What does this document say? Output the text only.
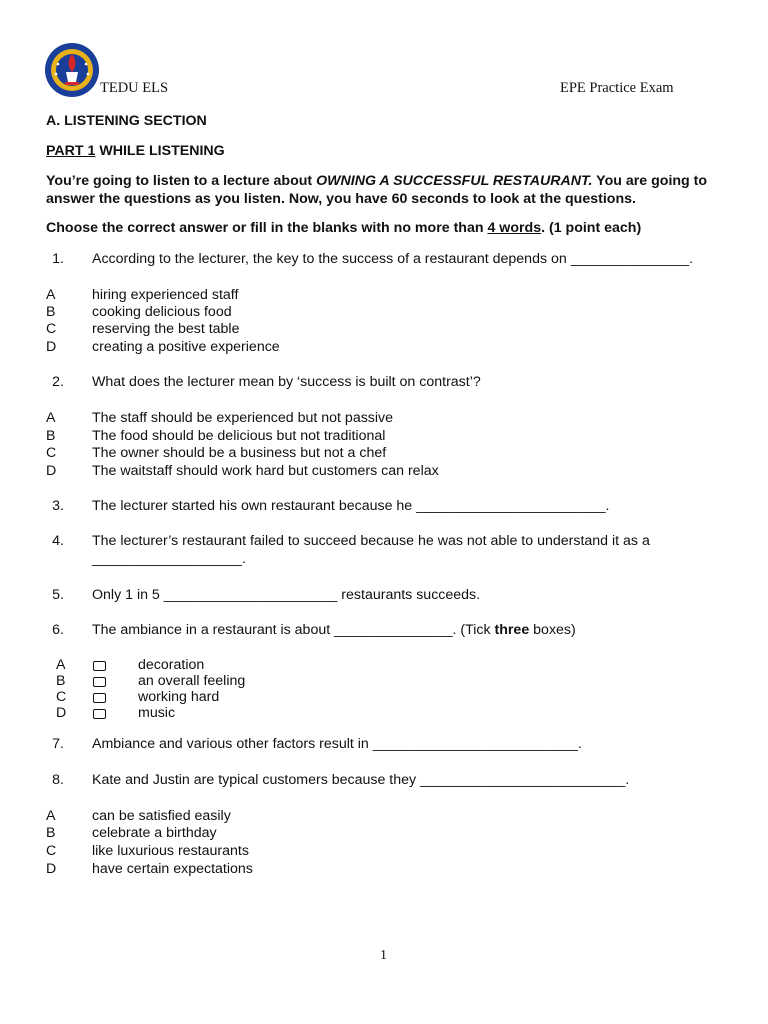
TEDU ELS	EPE Practice Exam
A. LISTENING SECTION
PART 1 WHILE LISTENING
You’re going to listen to a lecture about OWNING A SUCCESSFUL RESTAURANT. You are going to
answer the questions as you listen. Now, you have 60 seconds to look at the questions.
Choose the correct answer or fill in the blanks with no more than 4 words. (1 point each)
1. According to the lecturer, the key to the success of a restaurant depends on _______________.
A	hiring experienced staff
B	cooking delicious food
C	reserving the best table
D	creating a positive experience
2. What does the lecturer mean by ‘success is built on contrast’?
A	The staff should be experienced but not passive
B	The food should be delicious but not traditional
C	The owner should be a business but not a chef
D	The waitstaff should work hard but customers can relax
3. The lecturer started his own restaurant because he ________________________.
4. The lecturer’s restaurant failed to succeed because he was not able to understand it as a
___________________.
5. Only 1 in 5 ______________________ restaurants succeeds.
6. The ambiance in a restaurant is about _______________. (Tick three boxes)
A	decoration
B	an overall feeling
C	working hard
D	music
7. Ambiance and various other factors result in __________________________.
8. Kate and Justin are typical customers because they __________________________.
A	can be satisfied easily
B	celebrate a birthday
C	like luxurious restaurants
D	have certain expectations
1
